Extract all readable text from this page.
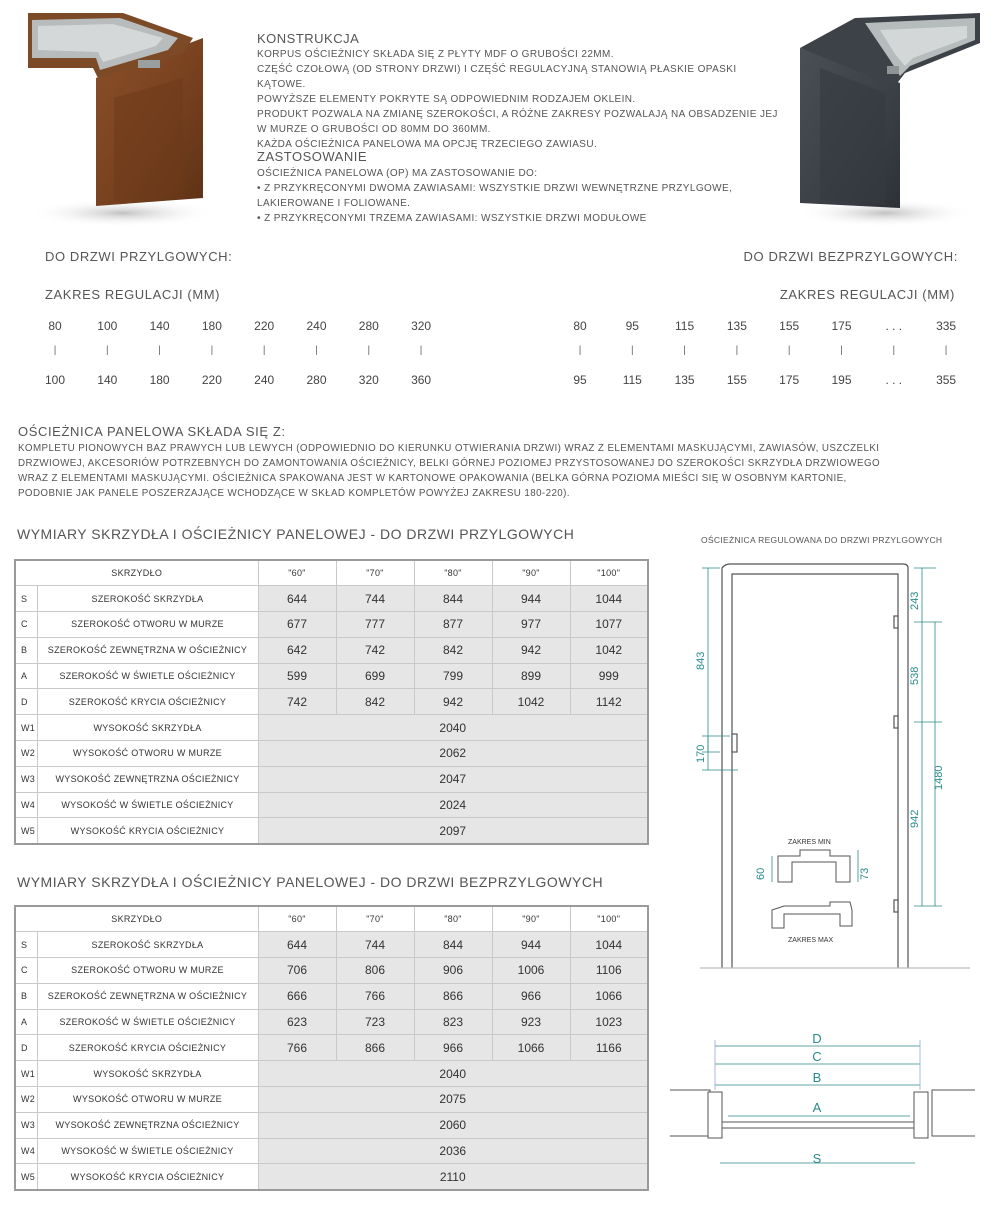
KONSTRUKCJA
KORPUS OŚCIEŻNICY SKŁADA SIĘ Z PŁYTY MDF O GRUBOŚCI 22MM.
CZĘŚĆ CZOŁOWĄ (OD STRONY DRZWI) I CZĘŚĆ REGULACYJNĄ STANOWIĄ PŁASKIE OPASKI KĄTOWE.
POWYŻSZE ELEMENTY POKRYTE SĄ ODPOWIEDNIM RODZAJEM OKLEIN.
PRODUKT POZWALA NA ZMIANĘ SZEROKOŚCI, A RÓŻNE ZAKRESY POZWALAJĄ NA OBSADZENIE JEJ
W MURZE O GRUBOŚCI OD 80MM DO 360MM.
KAŻDA OŚCIEŻNICA PANELOWA MA OPCJĘ TRZECIEGO ZAWIASU.
ZASTOSOWANIE
OŚCIEŻNICA PANELOWA (OP) MA ZASTOSOWANIE DO:
• Z PRZYKRĘCONYMI DWOMA ZAWIASAMI: WSZYSTKIE DRZWI WEWNĘTRZNE PRZYLGOWE,
LAKIEROWANE I FOLIOWANE.
• Z PRZYKRĘCONYMI TRZEMA ZAWIASAMI: WSZYSTKIE DRZWI MODUŁOWE
DO DRZWI PRZYLGOWYCH:	DO DRZWI BEZPRZYLGOWYCH:
ZAKRES REGULACJI (MM)	ZAKRES REGULACJI (MM)
80	100	140	180	220	240	280	320
|	|	|	|	|	|	|	|
100	140	180	220	240	280	320	360
80	95	115	135	155	175	. . .	335
|	|	|	|	|	|	|	|
95	115	135	155	175	195	. . .	355
OŚCIEŻNICA PANELOWA SKŁADA SIĘ Z:
KOMPLETU PIONOWYCH BAZ PRAWYCH LUB LEWYCH (ODPOWIEDNIO DO KIERUNKU OTWIERANIA DRZWI) WRAZ Z ELEMENTAMI MASKUJĄCYMI, ZAWIASÓW, USZCZELKI
DRZWIOWEJ, AKCESORIÓW POTRZEBNYCH DO ZAMONTOWANIA OŚCIEŻNICY, BELKI GÓRNEJ POZIOMEJ PRZYSTOSOWANEJ DO SZEROKOŚCI SKRZYDŁA DRZWIOWEGO
WRAZ Z ELEMENTAMI MASKUJĄCYMI. OŚCIEŻNICA SPAKOWANA JEST W KARTONOWE OPAKOWANIA (BELKA GÓRNA POZIOMA MIEŚCI SIĘ W OSOBNYM KARTONIE,
PODOBNIE JAK PANELE POSZERZAJĄCE WCHODZĄCE W SKŁAD KOMPLETÓW POWYŻEJ ZAKRESU 180-220).
WYMIARY SKRZYDŁA I OŚCIEŻNICY PANELOWEJ - DO DRZWI PRZYLGOWYCH
SKRZYDŁO		"60"	"70"	"80"	"90"	"100"
S	SZEROKOŚĆ SKRZYDŁA	644	744	844	944	1044
C	SZEROKOŚĆ OTWORU W MURZE	677	777	877	977	1077
B	SZEROKOŚĆ ZEWNĘTRZNA W OŚCIEŻNICY	642	742	842	942	1042
A	SZEROKOŚĆ W ŚWIETLE OŚCIEŻNICY	599	699	799	899	999
D	SZEROKOŚĆ KRYCIA OŚCIEŻNICY	742	842	942	1042	1142
W1	WYSOKOŚĆ SKRZYDŁA	2040				
W2	WYSOKOŚĆ OTWORU W MURZE	2062				
W3	WYSOKOŚĆ ZEWNĘTRZNA OŚCIEŻNICY	2047				
W4	WYSOKOŚĆ W ŚWIETLE OŚCIEŻNICY	2024				
W5	WYSOKOŚĆ KRYCIA OŚCIEŻNICY	2097				
WYMIARY SKRZYDŁA I OŚCIEŻNICY PANELOWEJ - DO DRZWI BEZPRZYLGOWYCH
SKRZYDŁO		"60"	"70"	"80"	"90"	"100"
S	SZEROKOŚĆ SKRZYDŁA	644	744	844	944	1044
C	SZEROKOŚĆ OTWORU W MURZE	706	806	906	1006	1106
B	SZEROKOŚĆ ZEWNĘTRZNA W OŚCIEŻNICY	666	766	866	966	1066
A	SZEROKOŚĆ W ŚWIETLE OŚCIEŻNICY	623	723	823	923	1023
D	SZEROKOŚĆ KRYCIA OŚCIEŻNICY	766	866	966	1066	1166
W1	WYSOKOŚĆ SKRZYDŁA	2040				
W2	WYSOKOŚĆ OTWORU W MURZE	2075				
W3	WYSOKOŚĆ ZEWNĘTRZNA OŚCIEŻNICY	2060				
W4	WYSOKOŚĆ W ŚWIETLE OŚCIEŻNICY	2036				
W5	WYSOKOŚĆ KRYCIA OŚCIEŻNICY	2110				
OŚCIEŻNICA REGULOWANA DO DRZWI PRZYLGOWYCH
243
538
942
1480
843
170
60	73
ZAKRES MIN
ZAKRES MAX
D
C
B
A
S
